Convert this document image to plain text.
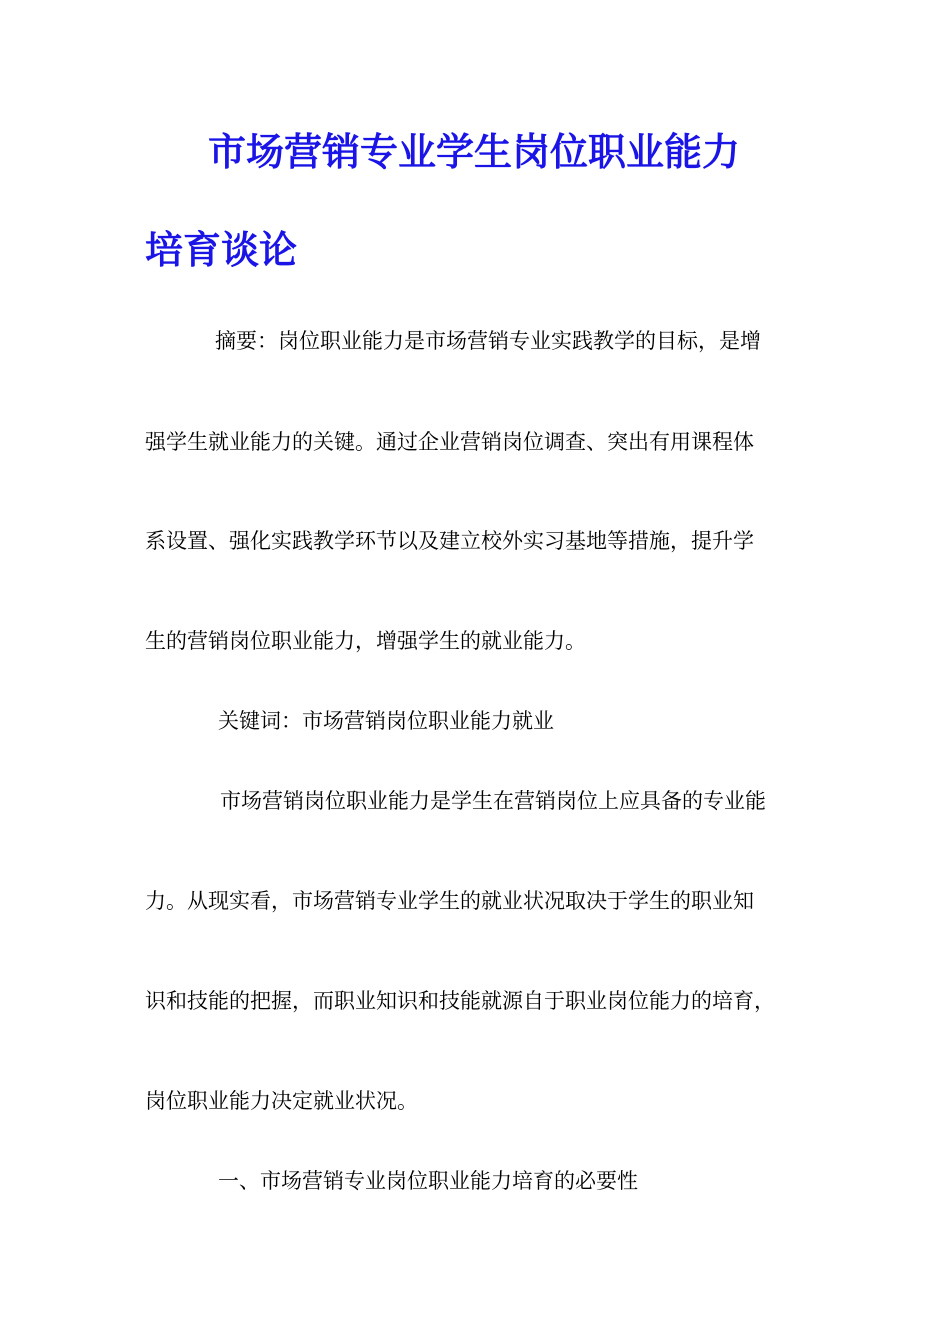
市场营销专业学生岗位职业能力
培育谈论

摘要：岗位职业能力是市场营销专业实践教学的目标，是增

强学生就业能力的关键。通过企业营销岗位调查、突出有用课程体

系设置、强化实践教学环节以及建立校外实习基地等措施，提升学

生的营销岗位职业能力，增强学生的就业能力。

关键词：市场营销岗位职业能力就业

市场营销岗位职业能力是学生在营销岗位上应具备的专业能

力。从现实看，市场营销专业学生的就业状况取决于学生的职业知

识和技能的把握，而职业知识和技能就源自于职业岗位能力的培育，

岗位职业能力决定就业状况。

一、市场营销专业岗位职业能力培育的必要性
